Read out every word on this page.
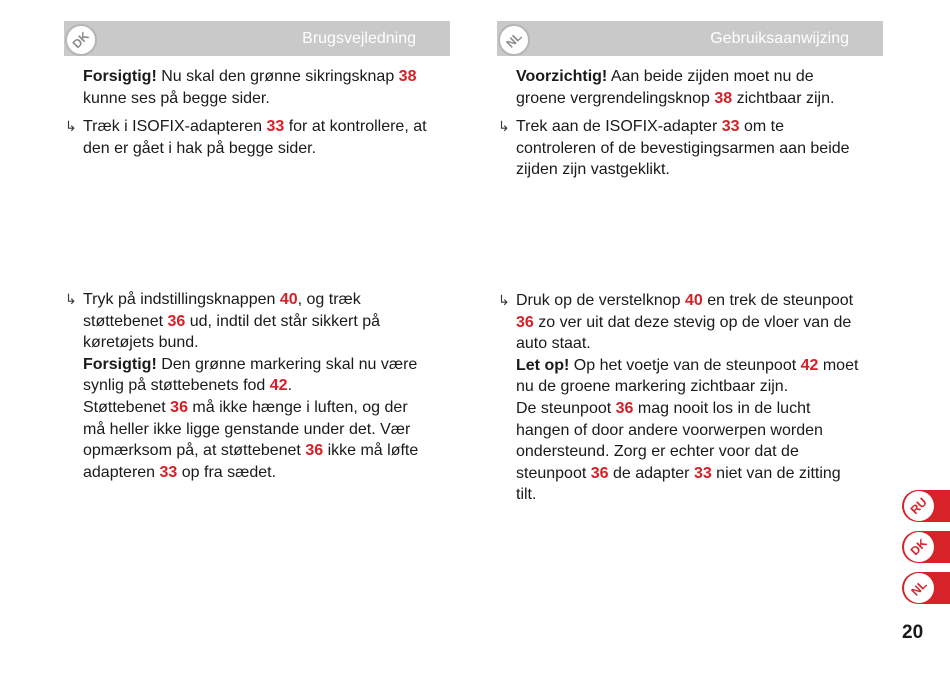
DK	Brugsvejledning

Forsigtig! Nu skal den grønne sikringsknap 38
kunne ses på begge sider.

↳ Træk i ISOFIX-adapteren 33 for at kontrollere, at
den er gået i hak på begge sider.

↳ Tryk på indstillingsknappen 40, og træk
støttebenet 36 ud, indtil det står sikkert på
køretøjets bund.
Forsigtig! Den grønne markering skal nu være
synlig på støttebenets fod 42.
Støttebenet 36 må ikke hænge i luften, og der
må heller ikke ligge genstande under det. Vær
opmærksom på, at støttebenet 36 ikke må løfte
adapteren 33 op fra sædet.

NL	Gebruiksaanwijzing

Voorzichtig! Aan beide zijden moet nu de
groene vergrendelingsknop 38 zichtbaar zijn.

↳ Trek aan de ISOFIX-adapter 33 om te
controleren of de bevestigingsarmen aan beide
zijden zijn vastgeklikt.

↳ Druk op de verstelknop 40 en trek de steunpoot
36 zo ver uit dat deze stevig op de vloer van de
auto staat.
Let op! Op het voetje van de steunpoot 42 moet
nu de groene markering zichtbaar zijn.
De steunpoot 36 mag nooit los in de lucht
hangen of door andere voorwerpen worden
ondersteund. Zorg er echter voor dat de
steunpoot 36 de adapter 33 niet van de zitting
tilt.

RU
DK
NL
20
